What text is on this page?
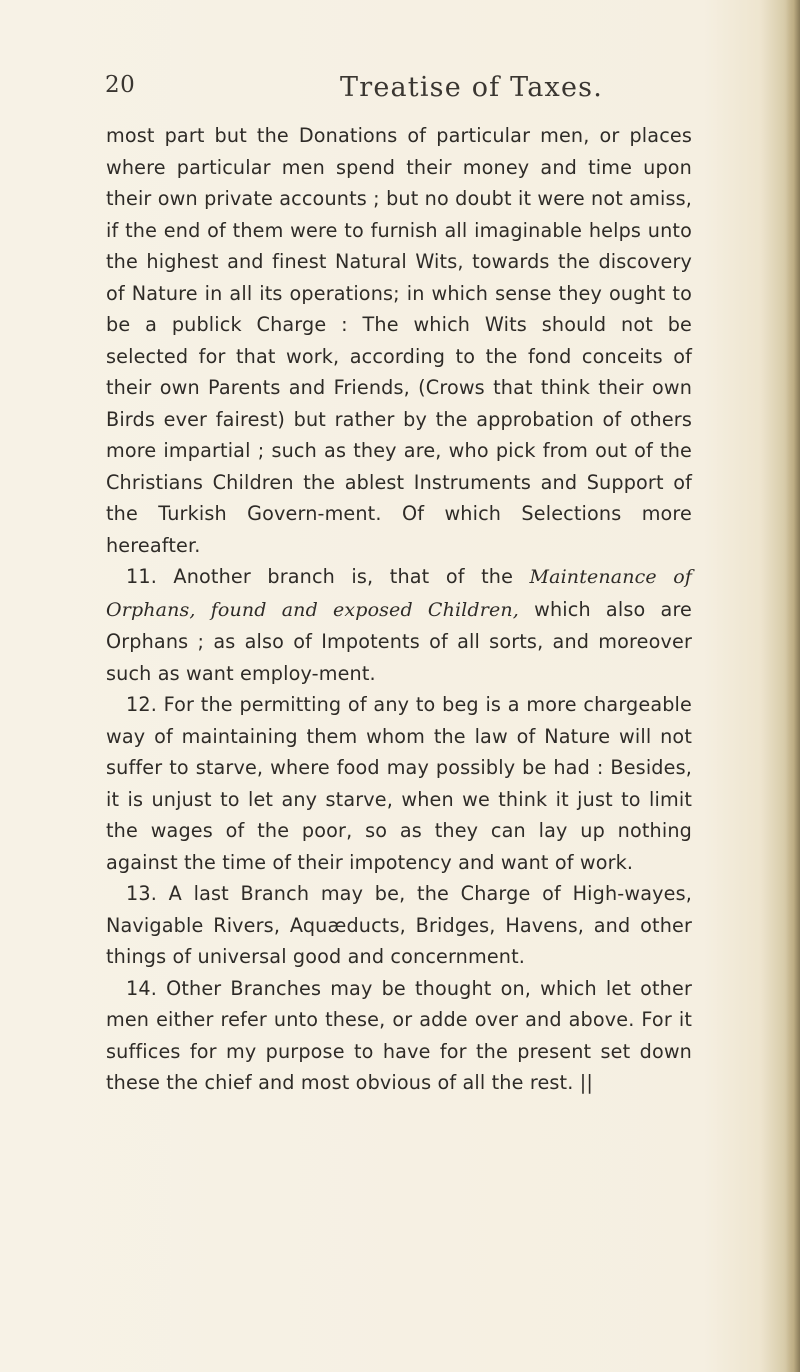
20	Treatise of Taxes.

most part but the Donations of particular men, or places where particular men spend their money and time upon their own private accounts ; but no doubt it were not amiss, if the end of them were to furnish all imaginable helps unto the highest and finest Natural Wits, towards the discovery of Nature in all its operations; in which sense they ought to be a publick Charge : The which Wits should not be selected for that work, according to the fond conceits of their own Parents and Friends, (Crows that think their own Birds ever fairest) but rather by the approbation of others more impartial ; such as they are, who pick from out of the Christians Children the ablest Instruments and Support of the Turkish Govern-ment. Of which Selections more hereafter.

11. Another branch is, that of the Maintenance of Orphans, found and exposed Children, which also are Orphans ; as also of Impotents of all sorts, and moreover such as want employ-ment.

12. For the permitting of any to beg is a more chargeable way of maintaining them whom the law of Nature will not suffer to starve, where food may possibly be had : Besides, it is unjust to let any starve, when we think it just to limit the wages of the poor, so as they can lay up nothing against the time of their impotency and want of work.

13. A last Branch may be, the Charge of High-wayes, Navigable Rivers, Aquæducts, Bridges, Havens, and other things of universal good and concernment.

14. Other Branches may be thought on, which let other men either refer unto these, or adde over and above. For it suffices for my purpose to have for the present set down these the chief and most obvious of all the rest. ||
